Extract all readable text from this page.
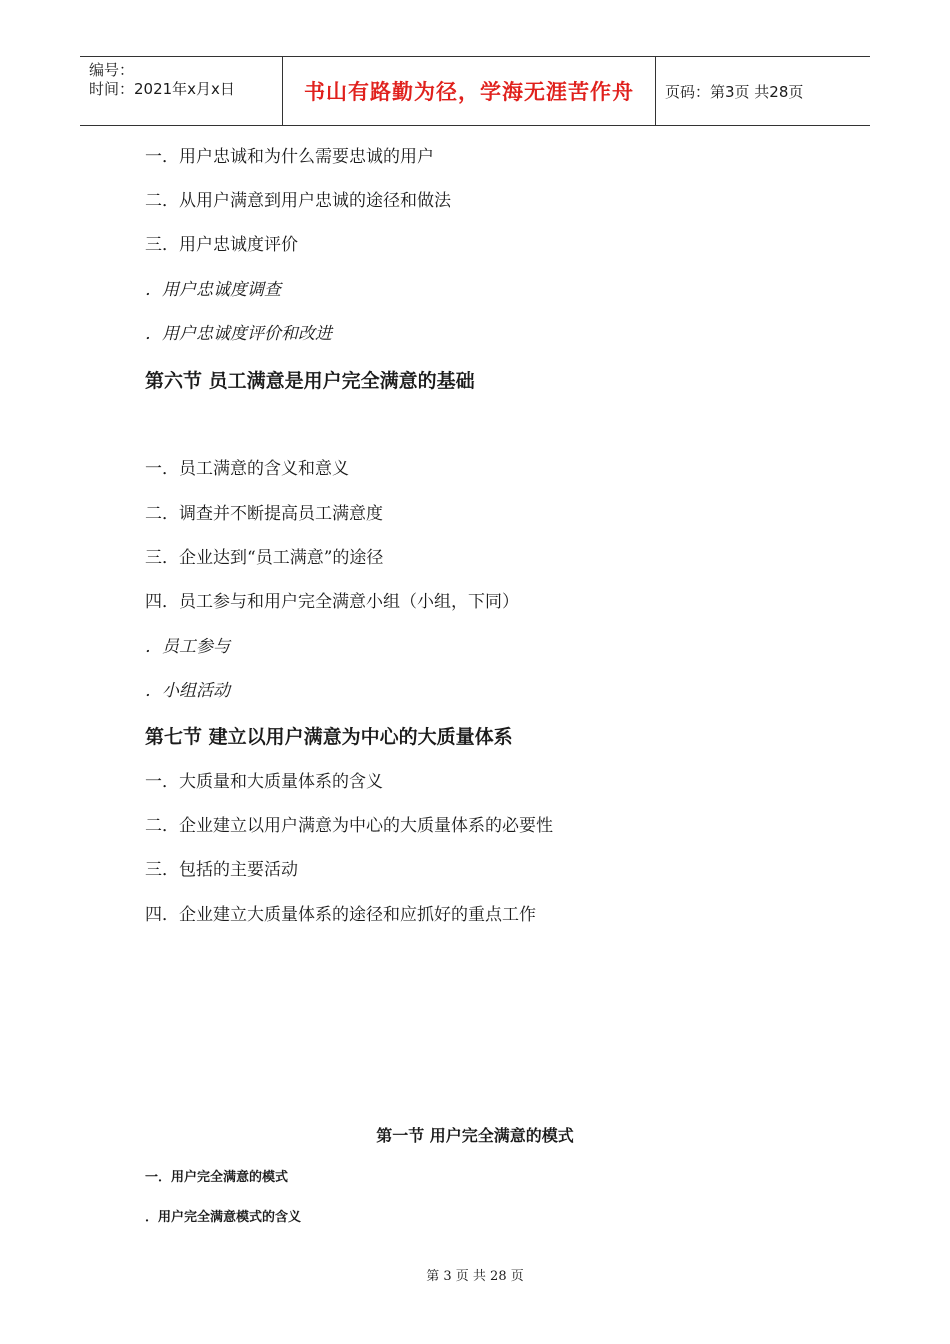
编号：
时间：2021年x月x日	书山有路勤为径，学海无涯苦作舟	页码：第3页 共28页
一．用户忠诚和为什么需要忠诚的用户
二．从用户满意到用户忠诚的途径和做法
三．用户忠诚度评价
．用户忠诚度调查
．用户忠诚度评价和改进
第六节 员工满意是用户完全满意的基础
一．员工满意的含义和意义
二．调查并不断提高员工满意度
三．企业达到“员工满意”的途径
四．员工参与和用户完全满意小组（小组，下同）
．员工参与
．小组活动
第七节 建立以用户满意为中心的大质量体系
一．大质量和大质量体系的含义
二．企业建立以用户满意为中心的大质量体系的必要性
三．包括的主要活动
四．企业建立大质量体系的途径和应抓好的重点工作
第一节 用户完全满意的模式
一．用户完全满意的模式
．用户完全满意模式的含义
第 3 页 共 28 页
